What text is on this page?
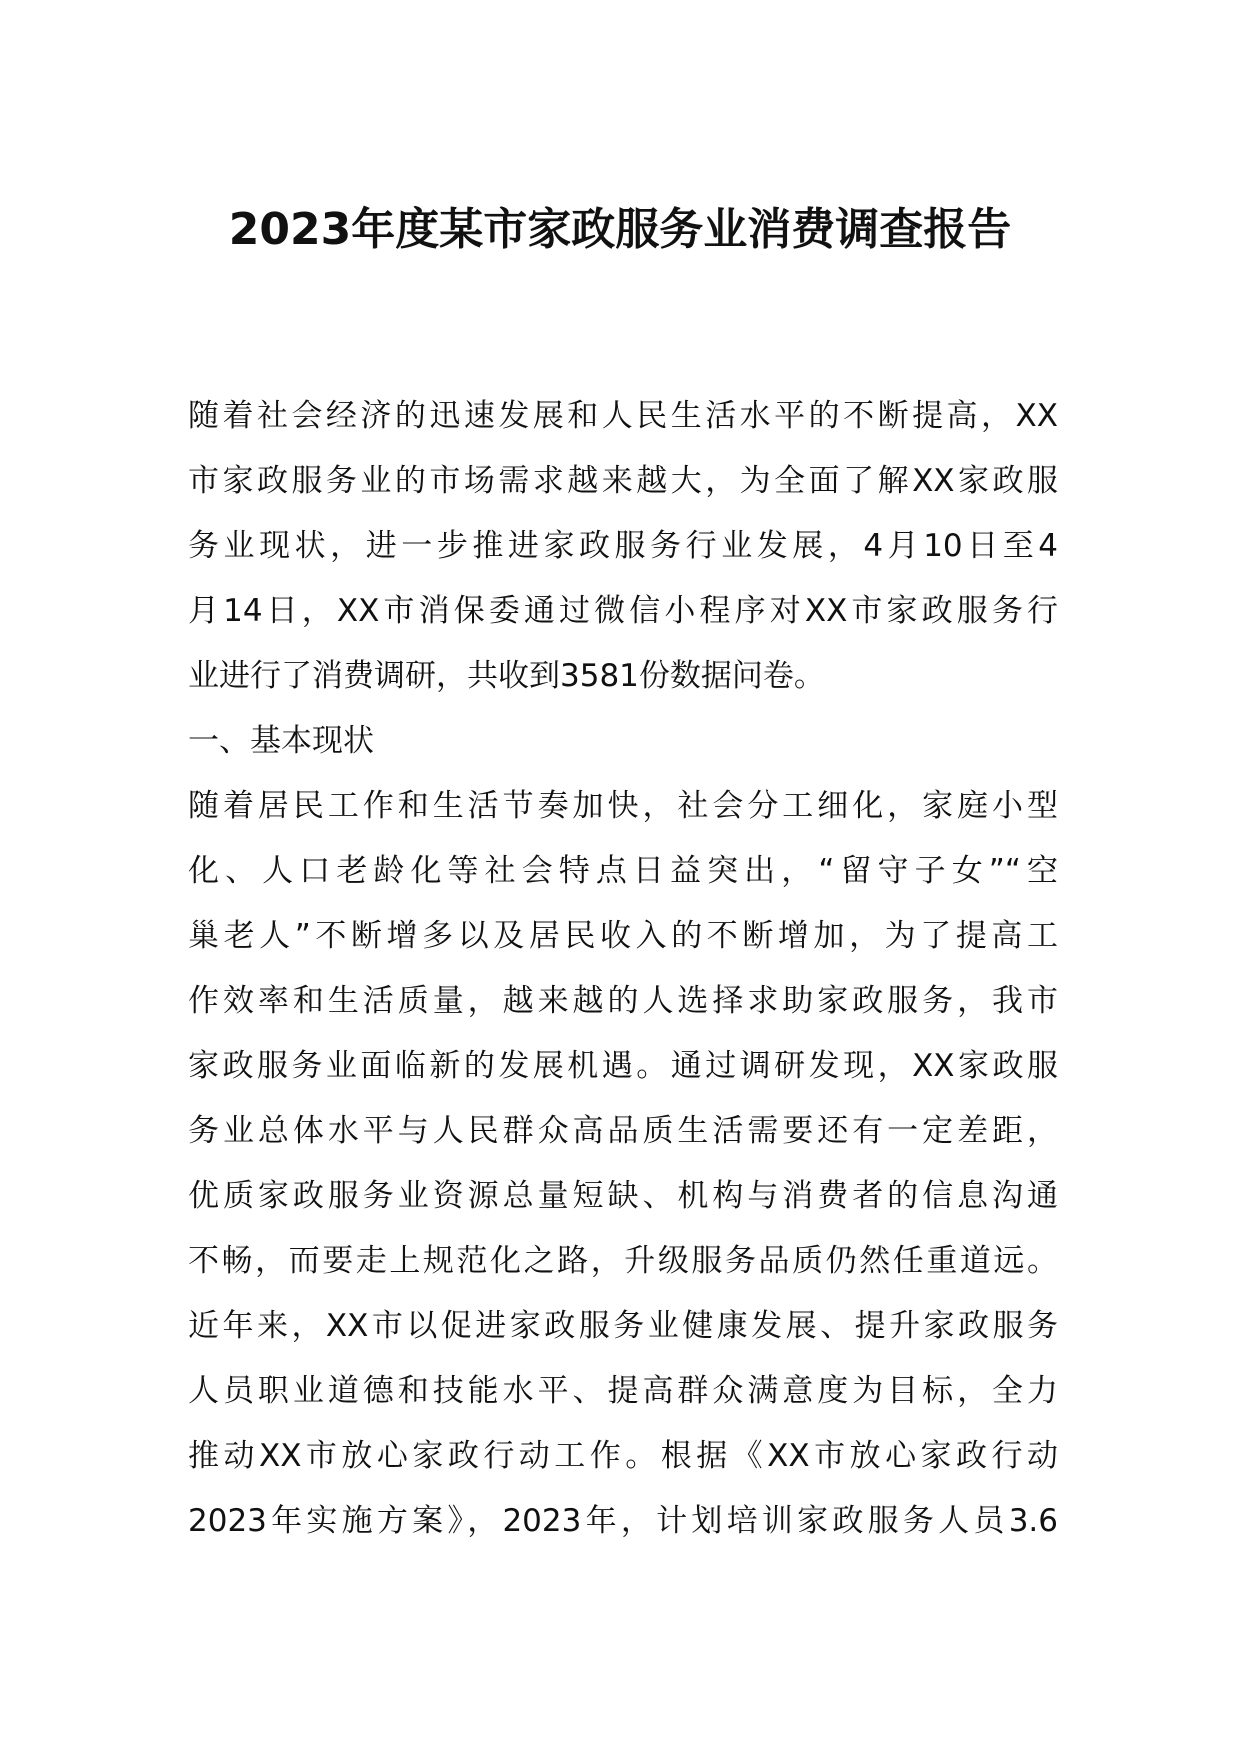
2023年度某市家政服务业消费调查报告
随着社会经济的迅速发展和人民生活水平的不断提高，XX
市家政服务业的市场需求越来越大，为全面了解XX家政服
务业现状，进一步推进家政服务行业发展，4月10日至4
月14日，XX市消保委通过微信小程序对XX市家政服务行
业进行了消费调研，共收到3581份数据问卷。
一、基本现状
随着居民工作和生活节奏加快，社会分工细化，家庭小型
化、人口老龄化等社会特点日益突出，“留守子女”“空
巢老人”不断增多以及居民收入的不断增加，为了提高工
作效率和生活质量，越来越的人选择求助家政服务，我市
家政服务业面临新的发展机遇。通过调研发现，XX家政服
务业总体水平与人民群众高品质生活需要还有一定差距，
优质家政服务业资源总量短缺、机构与消费者的信息沟通
不畅，而要走上规范化之路，升级服务品质仍然任重道远。
近年来，XX市以促进家政服务业健康发展、提升家政服务
人员职业道德和技能水平、提高群众满意度为目标，全力
推动XX市放心家政行动工作。根据《XX市放心家政行动
2023年实施方案》，2023年，计划培训家政服务人员3.6
